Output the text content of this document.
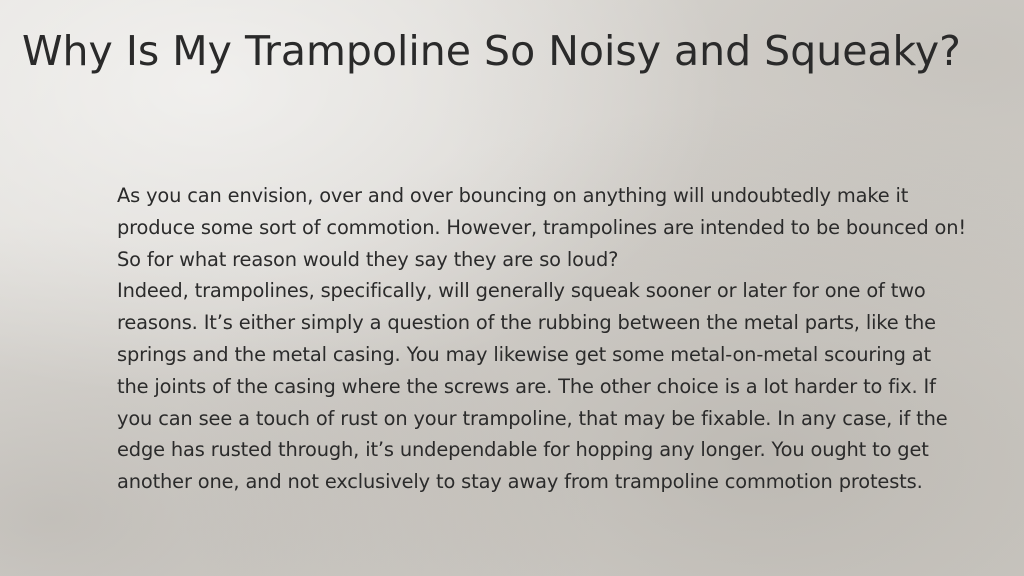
Why Is My Trampoline So Noisy and Squeaky?

As you can envision, over and over bouncing on anything will undoubtedly make it produce some sort of commotion. However, trampolines are intended to be bounced on! So for what reason would they say they are so loud?

Indeed, trampolines, specifically, will generally squeak sooner or later for one of two reasons. It’s either simply a question of the rubbing between the metal parts, like the springs and the metal casing. You may likewise get some metal-on-metal scouring at the joints of the casing where the screws are. The other choice is a lot harder to fix. If you can see a touch of rust on your trampoline, that may be fixable. In any case, if the edge has rusted through, it’s undependable for hopping any longer. You ought to get another one, and not exclusively to stay away from trampoline commotion protests.
